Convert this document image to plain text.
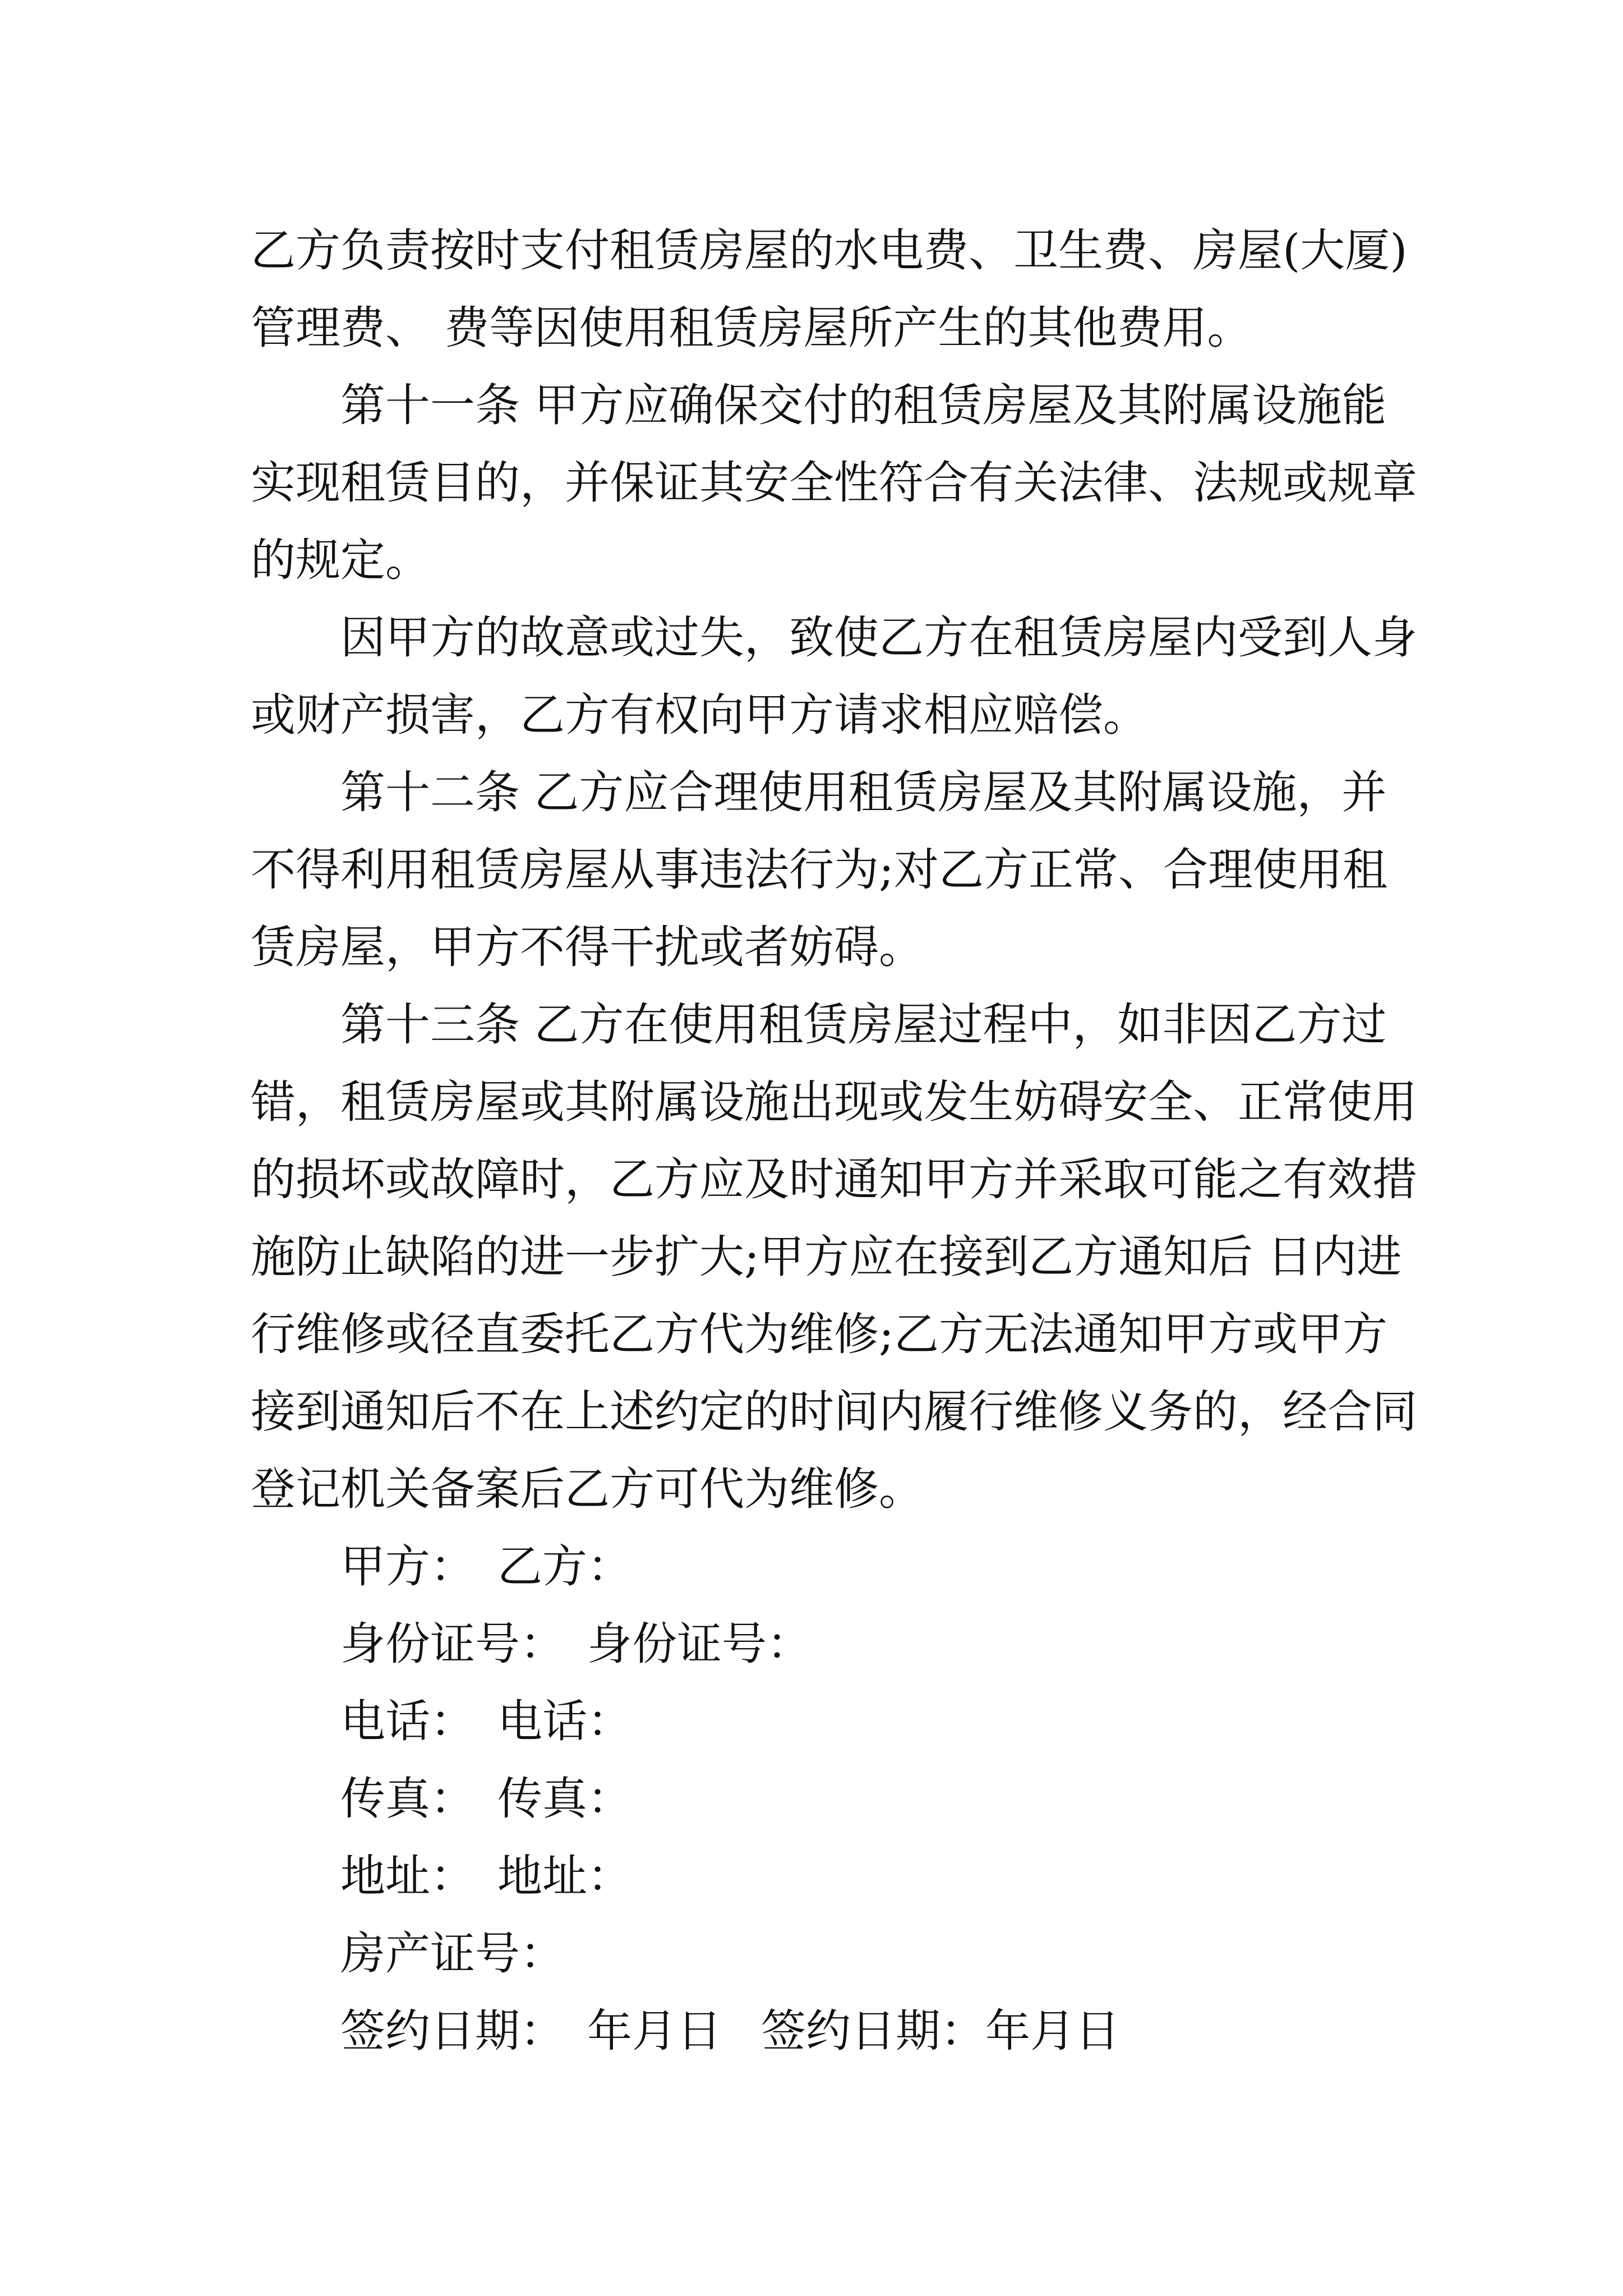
乙方负责按时支付租赁房屋的水电费、卫生费、房屋(大厦)
管理费、 费等因使用租赁房屋所产生的其他费用。
第十一条 甲方应确保交付的租赁房屋及其附属设施能
实现租赁目的，并保证其安全性符合有关法律、法规或规章
的规定。
因甲方的故意或过失，致使乙方在租赁房屋内受到人身
或财产损害，乙方有权向甲方请求相应赔偿。
第十二条 乙方应合理使用租赁房屋及其附属设施，并
不得利用租赁房屋从事违法行为;对乙方正常、合理使用租
赁房屋，甲方不得干扰或者妨碍。
第十三条 乙方在使用租赁房屋过程中，如非因乙方过
错，租赁房屋或其附属设施出现或发生妨碍安全、正常使用
的损坏或故障时，乙方应及时通知甲方并采取可能之有效措
施防止缺陷的进一步扩大;甲方应在接到乙方通知后 日内进
行维修或径直委托乙方代为维修;乙方无法通知甲方或甲方
接到通知后不在上述约定的时间内履行维修义务的，经合同
登记机关备案后乙方可代为维修。
甲方： 乙方：
身份证号： 身份证号：
电话： 电话：
传真： 传真：
地址： 地址：
房产证号：
签约日期： 年月日 签约日期：年月日
